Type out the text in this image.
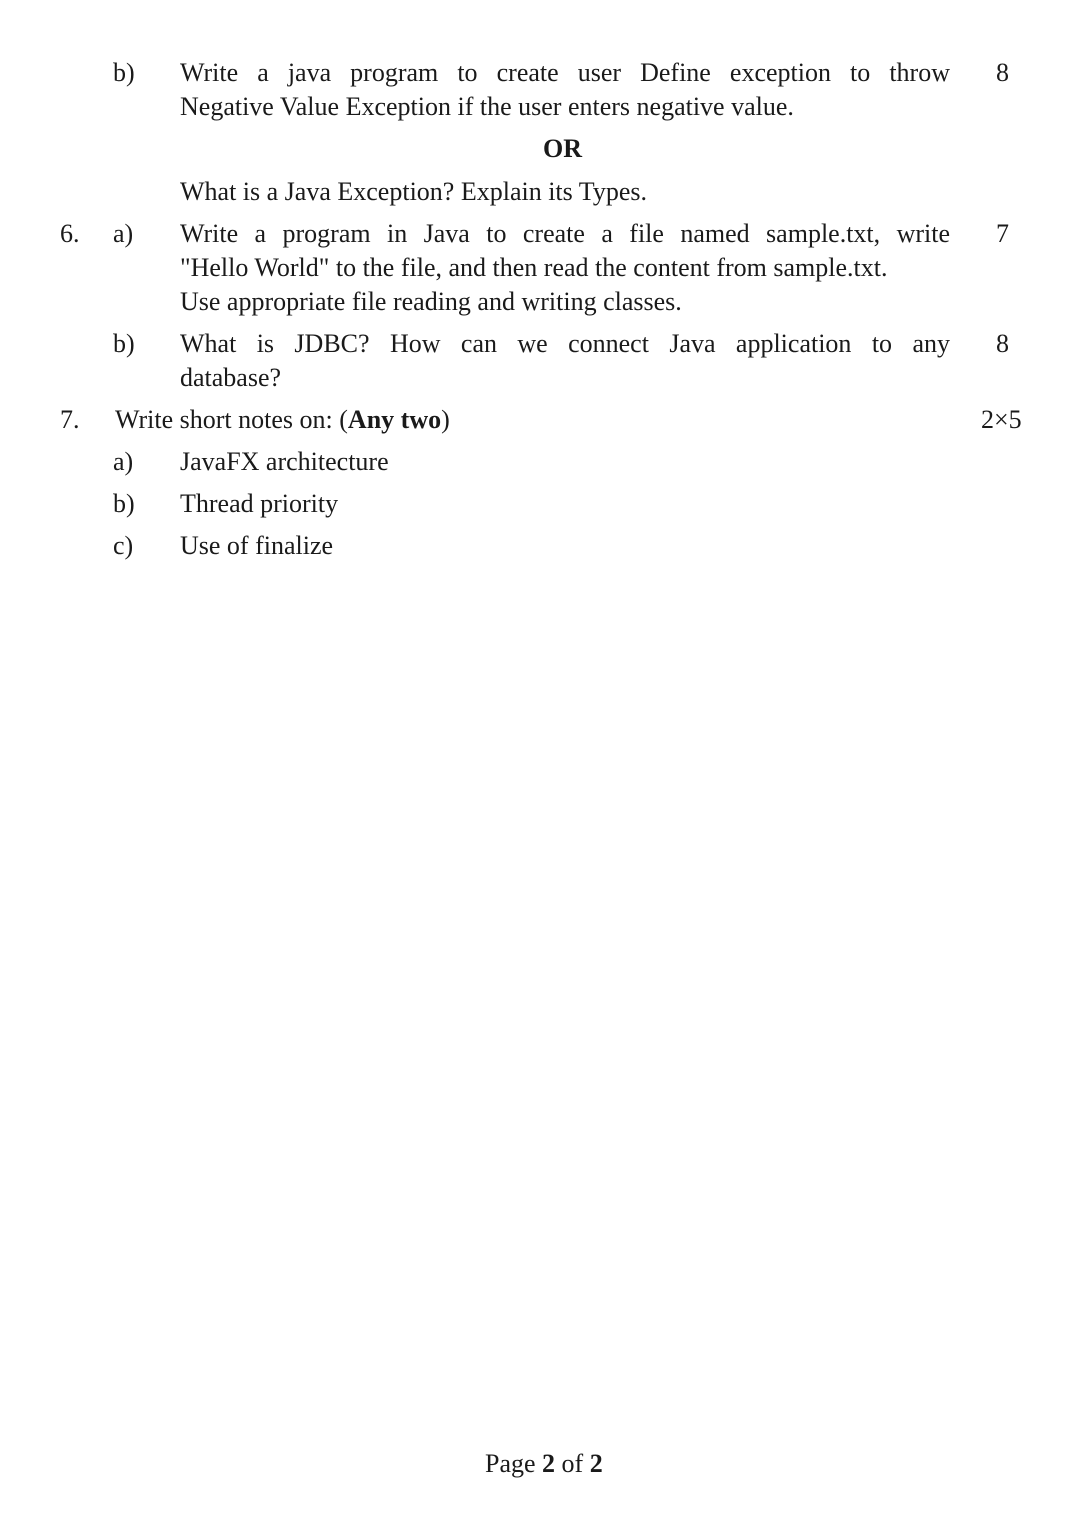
b) Write a java program to create user Define exception to throw 8
Negative Value Exception if the user enters negative value.
OR
What is a Java Exception? Explain its Types.
6. a) Write a program in Java to create a file named sample.txt, write 7
"Hello World" to the file, and then read the content from sample.txt.
Use appropriate file reading and writing classes.
b) What is JDBC? How can we connect Java application to any 8
database?
7. Write short notes on: (Any two)	2×5
a) JavaFX architecture
b) Thread priority
c) Use of finalize
Page 2 of 2
